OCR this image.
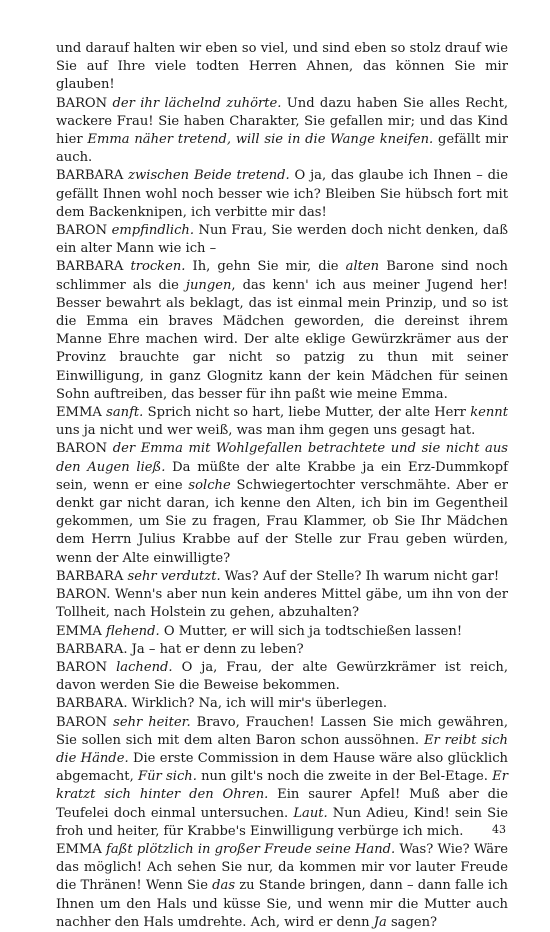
und darauf halten wir eben so viel, und sind eben so stolz drauf wie Sie auf Ihre viele todten Herren Ahnen, das können Sie mir glauben!

BARON der ihr lächelnd zuhörte. Und dazu haben Sie alles Recht, wackere Frau! Sie haben Charakter, Sie gefallen mir; und das Kind hier Emma näher tretend, will sie in die Wange kneifen. gefällt mir auch.

BARBARA zwischen Beide tretend. O ja, das glaube ich Ihnen – die gefällt Ihnen wohl noch besser wie ich? Bleiben Sie hübsch fort mit dem Backenknipen, ich verbitte mir das!

BARON empfindlich. Nun Frau, Sie werden doch nicht denken, daß ein alter Mann wie ich –

BARBARA trocken. Ih, gehn Sie mir, die alten Barone sind noch schlimmer als die jungen, das kenn' ich aus meiner Jugend her! Besser bewahrt als beklagt, das ist einmal mein Prinzip, und so ist die Emma ein braves Mädchen geworden, die dereinst ihrem Manne Ehre machen wird. Der alte eklige Gewürzkrämer aus der Provinz brauchte gar nicht so patzig zu thun mit seiner Einwilligung, in ganz Glognitz kann der kein Mädchen für seinen Sohn auftreiben, das besser für ihn paßt wie meine Emma.

EMMA sanft. Sprich nicht so hart, liebe Mutter, der alte Herr kennt uns ja nicht und wer weiß, was man ihm gegen uns gesagt hat.

BARON der Emma mit Wohlgefallen betrachtete und sie nicht aus den Augen ließ. Da müßte der alte Krabbe ja ein Erz-Dummkopf sein, wenn er eine solche Schwiegertochter verschmähte. Aber er denkt gar nicht daran, ich kenne den Alten, ich bin im Gegentheil gekommen, um Sie zu fragen, Frau Klammer, ob Sie Ihr Mädchen dem Herrn Julius Krabbe auf der Stelle zur Frau geben würden, wenn der Alte einwilligte?

BARBARA sehr verdutzt. Was? Auf der Stelle? Ih warum nicht gar!

BARON. Wenn's aber nun kein anderes Mittel gäbe, um ihn von der Tollheit, nach Holstein zu gehen, abzuhalten?

EMMA flehend. O Mutter, er will sich ja todtschießen lassen!

BARBARA. Ja – hat er denn zu leben?

BARON lachend. O ja, Frau, der alte Gewürzkrämer ist reich, davon werden Sie die Beweise bekommen.

BARBARA. Wirklich? Na, ich will mir's überlegen.

BARON sehr heiter. Bravo, Frauchen! Lassen Sie mich gewähren, Sie sollen sich mit dem alten Baron schon aussöhnen. Er reibt sich die Hände. Die erste Commission in dem Hause wäre also glücklich abgemacht, Für sich. nun gilt's noch die zweite in der Bel-Etage. Er kratzt sich hinter den Ohren. Ein saurer Apfel! Muß aber die Teufelei doch einmal untersuchen. Laut. Nun Adieu, Kind! sein Sie froh und heiter, für Krabbe's Einwilligung verbürge ich mich.

EMMA faßt plötzlich in großer Freude seine Hand. Was? Wie? Wäre das möglich! Ach sehen Sie nur, da kommen mir vor lauter Freude die Thränen! Wenn Sie das zu Stande bringen, dann – dann falle ich Ihnen um den Hals und küsse Sie, und wenn mir die Mutter auch nachher den Hals umdrehte. Ach, wird er denn Ja sagen?

43
